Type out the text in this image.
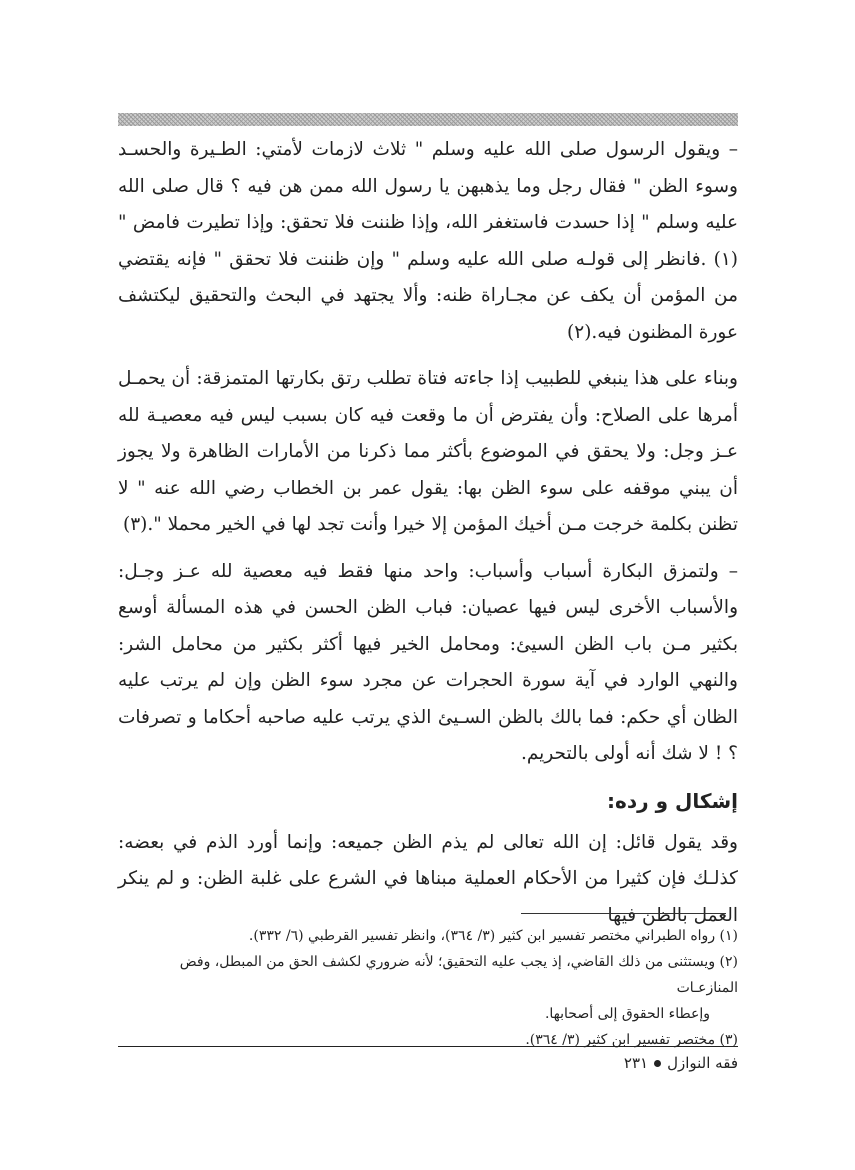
– ويقول الرسول صلى الله عليه وسلم " ثلاث لازمات لأمتي: الطـيرة والحسـد وسوء الظن " فقال رجل وما يذهبهن يا رسول الله ممن هن فيه ؟ قال صلى الله عليه وسلم " إذا حسدت فاستغفر الله، وإذا ظننت فلا تحقق: وإذا تطيرت فامض "(١) .فانظر إلى قولـه صلى الله عليه وسلم " وإن ظننت فلا تحقق " فإنه يقتضي من المؤمن أن يكف عن مجـاراة ظنه: وألا يجتهد في البحث والتحقيق ليكتشف عورة المظنون فيه.(٢)

وبناء على هذا ينبغي للطبيب إذا جاءته فتاة تطلب رتق بكارتها المتمزقة: أن يحمـل أمرها على الصلاح: وأن يفترض أن ما وقعت فيه كان بسبب ليس فيه معصيـة لله عـز وجل: ولا يحقق في الموضوع بأكثر مما ذكرنا من الأمارات الظاهرة ولا يجوز أن يبني موقفه على سوء الظن بها: يقول عمر بن الخطاب رضي الله عنه " لا تظنن بكلمة خرجت مـن أخيك المؤمن إلا خيرا وأنت تجد لها في الخير محملا ".(٣)

– ولتمزق البكارة أسباب وأسباب: واحد منها فقط فيه معصية لله عـز وجـل: والأسباب الأخرى ليس فيها عصيان: فباب الظن الحسن في هذه المسألة أوسع بكثير مـن باب الظن السيئ: ومحامل الخير فيها أكثر بكثير من محامل الشر: والنهي الوارد في آية سورة الحجرات عن مجرد سوء الظن وإن لم يرتب عليه الظان أي حكم: فما بالك بالظن السـيئ الذي يرتب عليه صاحبه أحكاما و تصرفات ؟ ! لا شك أنه أولى بالتحريم.

إشكال و رده:

وقد يقول قائل: إن الله تعالى لم يذم الظن جميعه: وإنما أورد الذم في بعضه: كذلـك فإن كثيرا من الأحكام العملية مبناها في الشرع على غلبة الظن: و لم ينكر العمل بالظن فيها

(١) رواه الطبراني مختصر تفسير ابن كثير (٣/ ٣٦٤)، وانظر تفسير القرطبي (٦/ ٣٣٢).

(٢) ويستثنى من ذلك القاضي، إذ يجب عليه التحقيق؛ لأنه ضروري لكشف الحق من المبطل، وفض المنازعـات

وإعطاء الحقوق إلى أصحابها.

(٣) مختصر تفسير ابن كثير (٣/ ٣٦٤).

فقه النوازل
٢٣١
